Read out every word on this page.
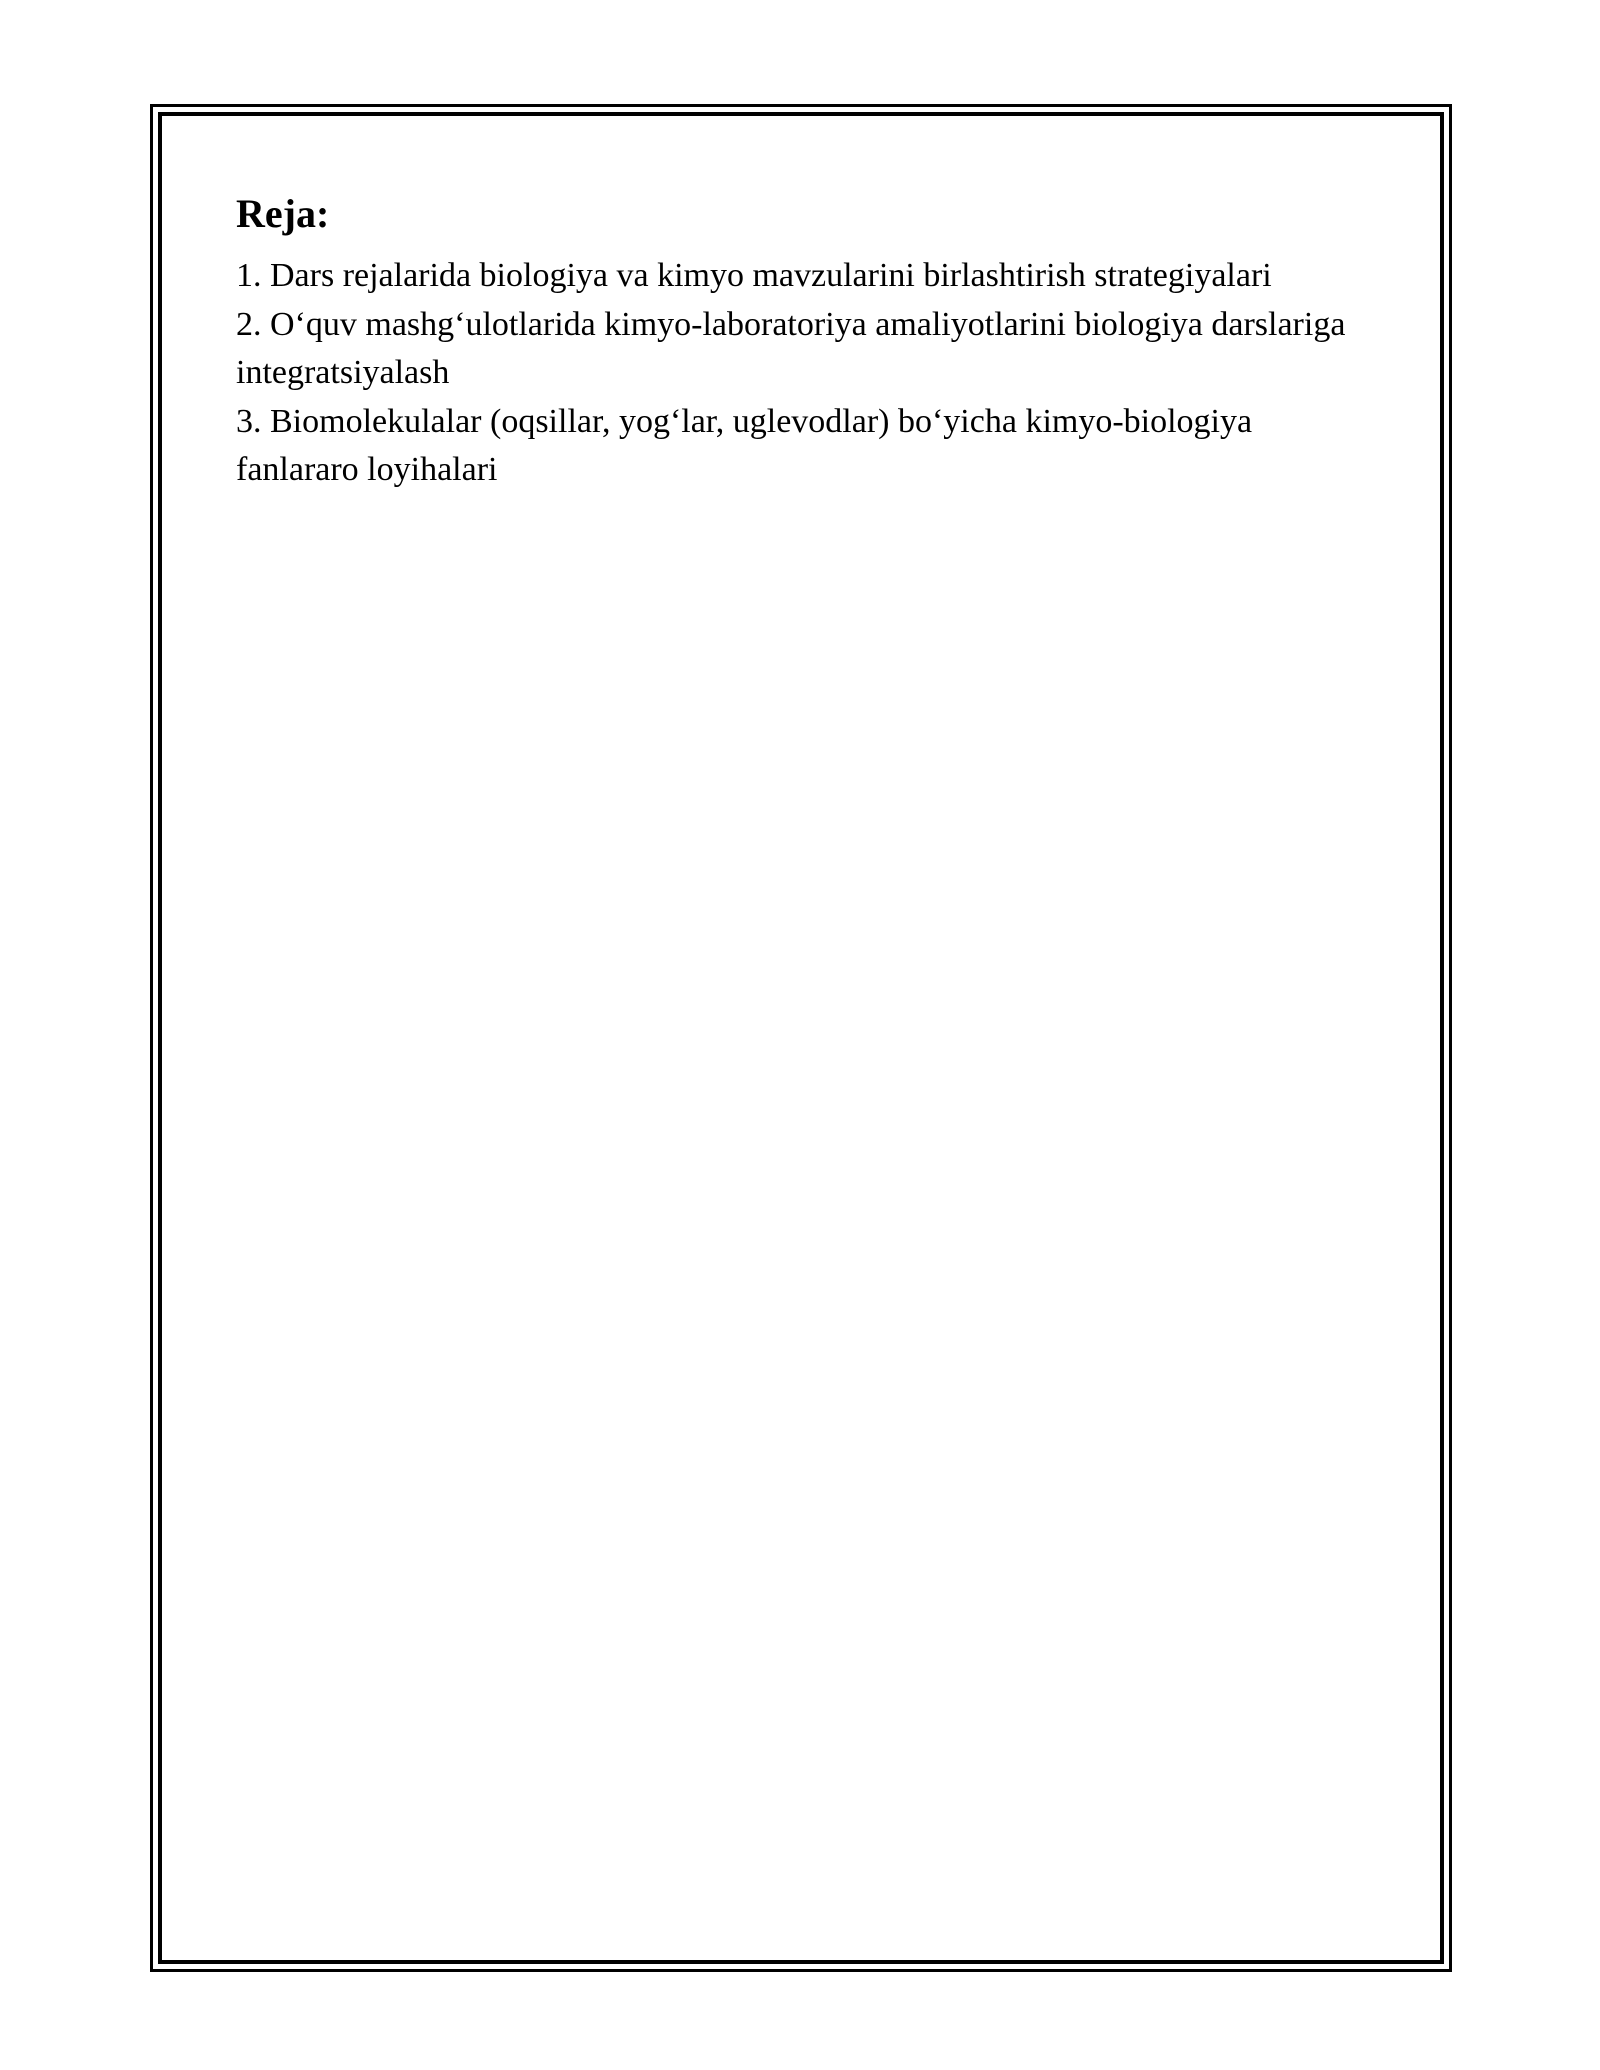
Reja:

1. Dars rejalarida biologiya va kimyo mavzularini birlashtirish strategiyalari

2. O‘quv mashg‘ulotlarida kimyo-laboratoriya amaliyotlarini biologiya darslariga integratsiyalash

3. Biomolekulalar (oqsillar, yog‘lar, uglevodlar) bo‘yicha kimyo-biologiya fanlararo loyihalari
